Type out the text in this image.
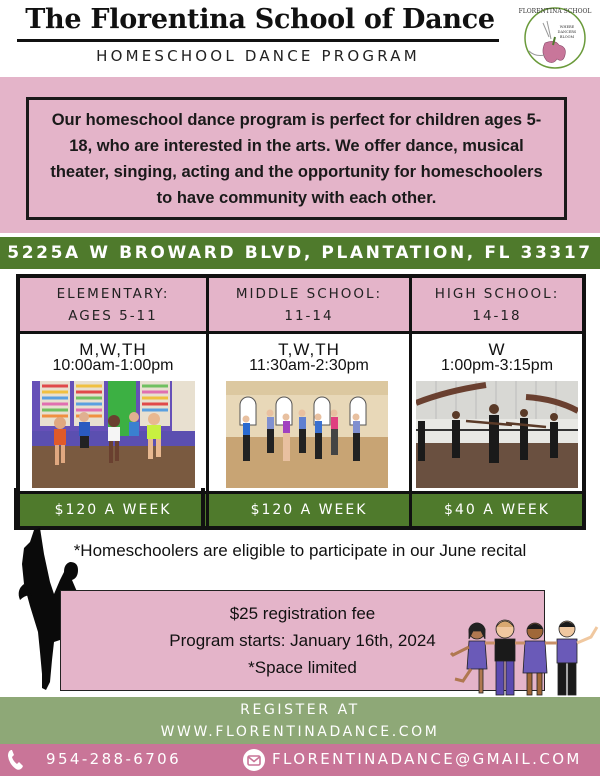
The Florentina School of Dance
HOMESCHOOL DANCE PROGRAM
FLORENTINA SCHOOL
WHERE
DANCERS
BLOOM
Our homeschool dance program is perfect for children ages 5-18, who are interested in the arts. We offer dance, musical theater, singing, acting and the opportunity for homeschoolers to have community with each other.
5225A W BROWARD BLVD, PLANTATION, FL 33317
ELEMENTARY:
AGES 5-11
M,W,TH
10:00am-1:00pm
$120 A WEEK
MIDDLE SCHOOL:
11-14
T,W,TH
11:30am-2:30pm
$120 A WEEK
HIGH SCHOOL:
14-18
W
1:00pm-3:15pm
$40 A WEEK
*Homeschoolers are eligible to participate in our June recital
$25 registration fee
Program starts: January 16th, 2024
*Space limited
REGISTER AT
WWW.FLORENTINADANCE.COM
954-288-6706	FLORENTINADANCE@GMAIL.COM
